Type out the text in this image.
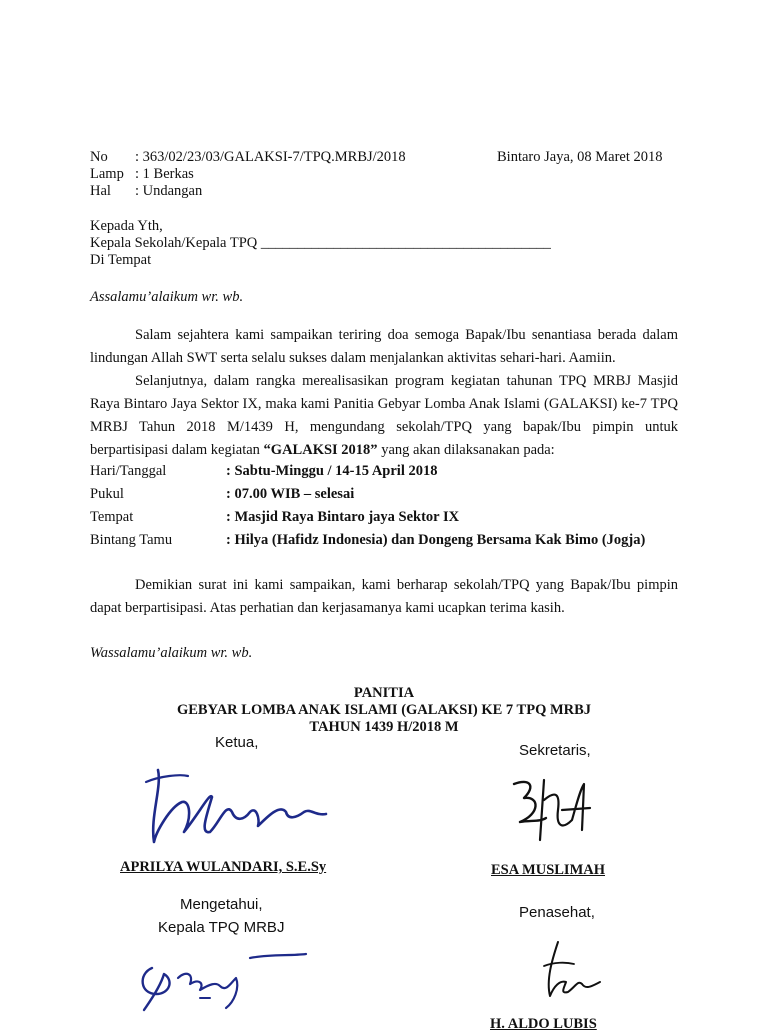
No : 363/02/23/03/GALAKSI-7/TPQ.MRBJ/2018	Bintaro Jaya, 08 Maret 2018
Lamp : 1 Berkas
Hal : Undangan
Kepada Yth,
Kepala Sekolah/Kepala TPQ ________________________________________
Di Tempat
Assalamu’alaikum wr. wb.
Salam sejahtera kami sampaikan teriring doa semoga Bapak/Ibu senantiasa berada dalam lindungan Allah SWT serta selalu sukses dalam menjalankan aktivitas sehari-hari. Aamiin.
Selanjutnya, dalam rangka merealisasikan program kegiatan tahunan TPQ MRBJ Masjid Raya Bintaro Jaya Sektor IX, maka kami Panitia Gebyar Lomba Anak Islami (GALAKSI) ke-7 TPQ MRBJ Tahun 2018 M/1439 H, mengundang sekolah/TPQ yang bapak/Ibu pimpin untuk berpartisipasi dalam kegiatan “GALAKSI 2018” yang akan dilaksanakan pada:
Hari/Tanggal	: Sabtu-Minggu / 14-15 April 2018
Pukul	: 07.00 WIB – selesai
Tempat	: Masjid Raya Bintaro jaya Sektor IX
Bintang Tamu	: Hilya (Hafidz Indonesia) dan Dongeng Bersama Kak Bimo (Jogja)
Demikian surat ini kami sampaikan, kami berharap sekolah/TPQ yang Bapak/Ibu pimpin dapat berpartisipasi. Atas perhatian dan kerjasamanya kami ucapkan terima kasih.
Wassalamu’alaikum wr. wb.
PANITIA
GEBYAR LOMBA ANAK ISLAMI (GALAKSI) KE 7 TPQ MRBJ
TAHUN 1439 H/2018 M
Ketua,
APRILYA WULANDARI, S.E.Sy
Sekretaris,
ESA MUSLIMAH
Mengetahui,
Kepala TPQ MRBJ
Penasehat,
H. ALDO LUBIS
